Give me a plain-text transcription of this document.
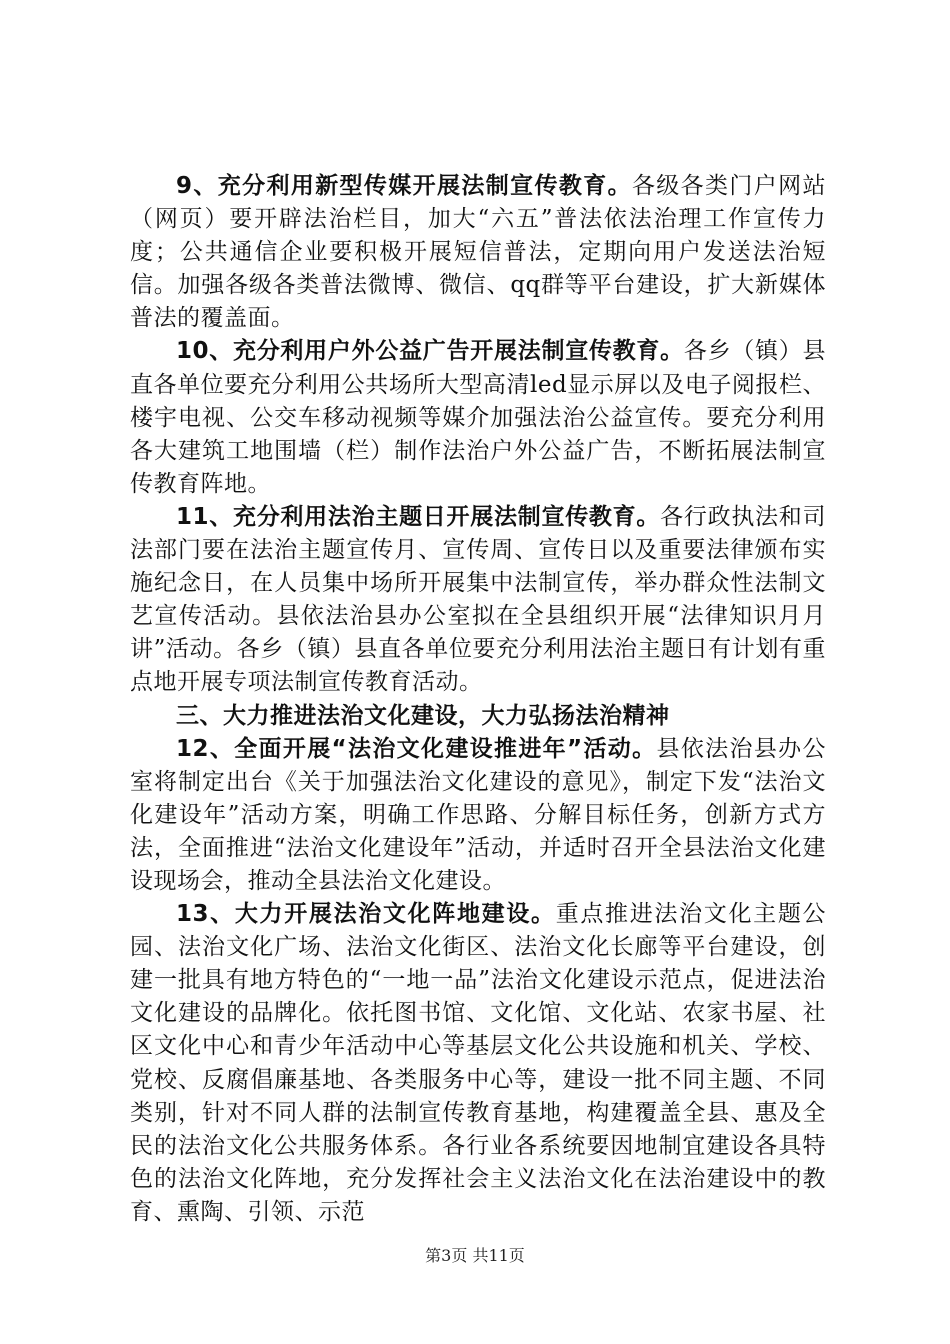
9、充分利用新型传媒开展法制宣传教育。各级各类门户网站（网页）要开辟法治栏目，加大“六五”普法依法治理工作宣传力度；公共通信企业要积极开展短信普法，定期向用户发送法治短信。加强各级各类普法微博、微信、qq群等平台建设，扩大新媒体普法的覆盖面。

10、充分利用户外公益广告开展法制宣传教育。各乡（镇）县直各单位要充分利用公共场所大型高清led显示屏以及电子阅报栏、楼宇电视、公交车移动视频等媒介加强法治公益宣传。要充分利用各大建筑工地围墙（栏）制作法治户外公益广告，不断拓展法制宣传教育阵地。

11、充分利用法治主题日开展法制宣传教育。各行政执法和司法部门要在法治主题宣传月、宣传周、宣传日以及重要法律颁布实施纪念日，在人员集中场所开展集中法制宣传，举办群众性法制文艺宣传活动。县依法治县办公室拟在全县组织开展“法律知识月月讲”活动。各乡（镇）县直各单位要充分利用法治主题日有计划有重点地开展专项法制宣传教育活动。

三、大力推进法治文化建设，大力弘扬法治精神

12、全面开展“法治文化建设推进年”活动。县依法治县办公室将制定出台《关于加强法治文化建设的意见》，制定下发“法治文化建设年”活动方案，明确工作思路、分解目标任务，创新方式方法，全面推进“法治文化建设年”活动，并适时召开全县法治文化建设现场会，推动全县法治文化建设。

13、大力开展法治文化阵地建设。重点推进法治文化主题公园、法治文化广场、法治文化街区、法治文化长廊等平台建设，创建一批具有地方特色的“一地一品”法治文化建设示范点，促进法治文化建设的品牌化。依托图书馆、文化馆、文化站、农家书屋、社区文化中心和青少年活动中心等基层文化公共设施和机关、学校、党校、反腐倡廉基地、各类服务中心等，建设一批不同主题、不同类别，针对不同人群的法制宣传教育基地，构建覆盖全县、惠及全民的法治文化公共服务体系。各行业各系统要因地制宜建设各具特色的法治文化阵地，充分发挥社会主义法治文化在法治建设中的教育、熏陶、引领、示范

第3页 共11页
